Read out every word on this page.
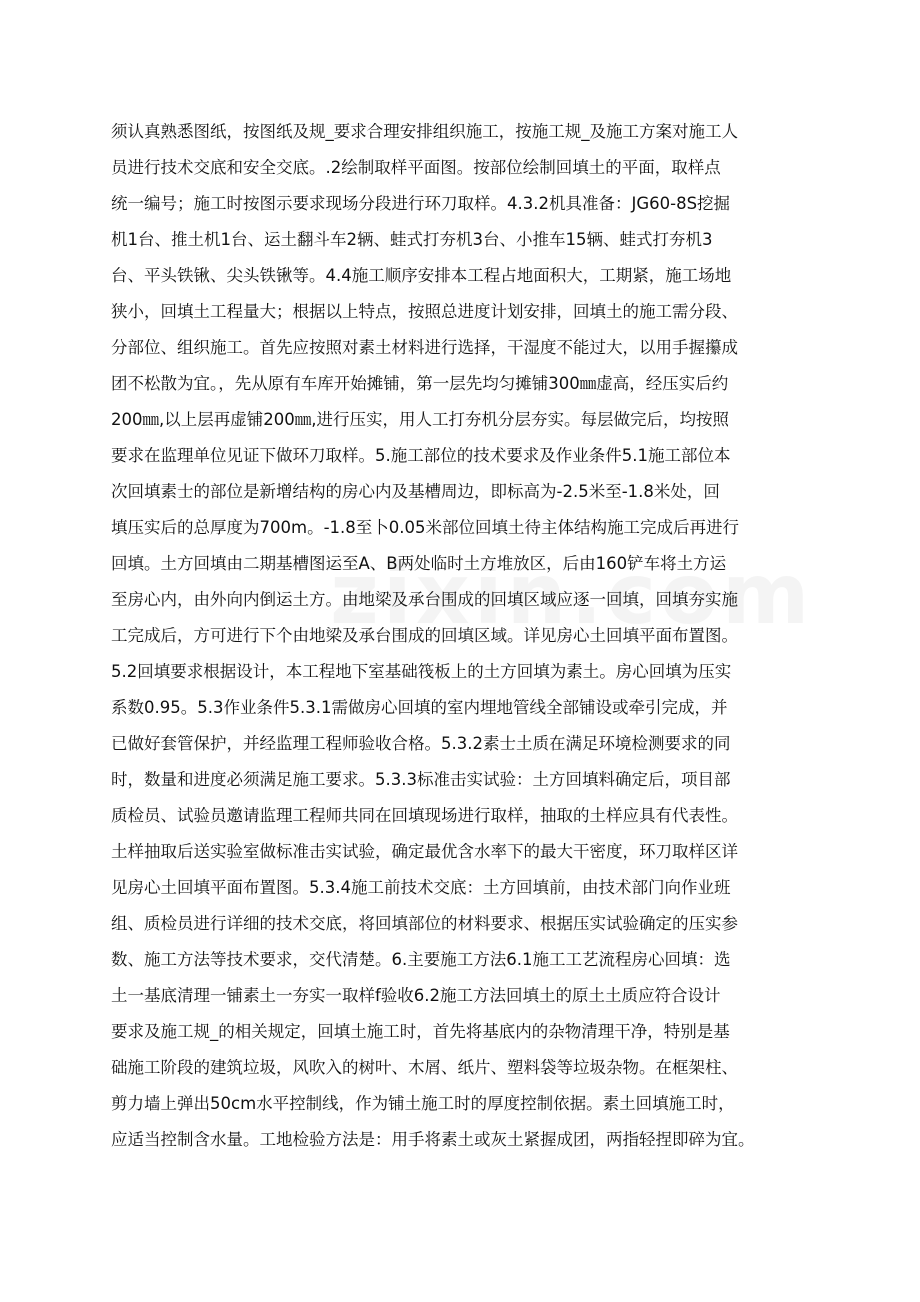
须认真熟悉图纸，按图纸及规_要求合理安排组织施工，按施工规_及施工方案对施工人
员进行技术交底和安全交底。.2绘制取样平面图。按部位绘制回填土的平面，取样点
统一编号；施工时按图示要求现场分段进行环刀取样。4.3.2机具准备：JG60-8S挖掘
机1台、推土机1台、运土翻斗车2辆、蛙式打夯机3台、小推车15辆、蛙式打夯机3
台、平头铁锹、尖头铁锹等。4.4施工顺序安排本工程占地面积大，工期紧，施工场地
狭小，回填土工程量大；根据以上特点，按照总进度计划安排，回填土的施工需分段、
分部位、组织施工。首先应按照对素土材料进行选择，干湿度不能过大，以用手握攥成
团不松散为宜。，先从原有车库开始摊铺，第一层先均匀摊铺300㎜虚高，经压实后约
200㎜,以上层再虚铺200㎜,进行压实，用人工打夯机分层夯实。每层做完后，均按照
要求在监理单位见证下做环刀取样。5.施工部位的技术要求及作业条件5.1施工部位本
次回填素士的部位是新增结构的房心内及基槽周边，即标高为-2.5米至-1.8米处，回
填压实后的总厚度为700m。-1.8至卜0.05米部位回填土待主体结构施工完成后再进行
回填。土方回填由二期基槽图运至A、B两处临时土方堆放区，后由160铲车将土方运
至房心内，由外向内倒运土方。由地梁及承台围成的回填区域应逐一回填，回填夯实施
工完成后，方可进行下个由地梁及承台围成的回填区域。详见房心土回填平面布置图。
5.2回填要求根据设计，本工程地下室基础筏板上的土方回填为素土。房心回填为压实
系数0.95。5.3作业条件5.3.1需做房心回填的室内埋地管线全部铺设或牵引完成，并
已做好套管保护，并经监理工程师验收合格。5.3.2素士土质在满足环境检测要求的同
时，数量和进度必须满足施工要求。5.3.3标准击实试验：土方回填料确定后，项目部
质检员、试验员邀请监理工程师共同在回填现场进行取样，抽取的土样应具有代表性。
土样抽取后送实验室做标准击实试验，确定最优含水率下的最大干密度，环刀取样区详
见房心土回填平面布置图。5.3.4施工前技术交底：土方回填前，由技术部门向作业班
组、质检员进行详细的技术交底，将回填部位的材料要求、根据压实试验确定的压实参
数、施工方法等技术要求，交代清楚。6.主要施工方法6.1施工工艺流程房心回填：选
土一基底清理一铺素土一夯实一取样f验收6.2施工方法回填土的原土土质应符合设计
要求及施工规_的相关规定，回填土施工时，首先将基底内的杂物清理干净，特别是基
础施工阶段的建筑垃圾，风吹入的树叶、木屑、纸片、塑料袋等垃圾杂物。在框架柱、
剪力墙上弹出50cm水平控制线，作为铺土施工时的厚度控制依据。素土回填施工时，
应适当控制含水量。工地检验方法是：用手将素土或灰土紧握成团，两指轻捏即碎为宜。
